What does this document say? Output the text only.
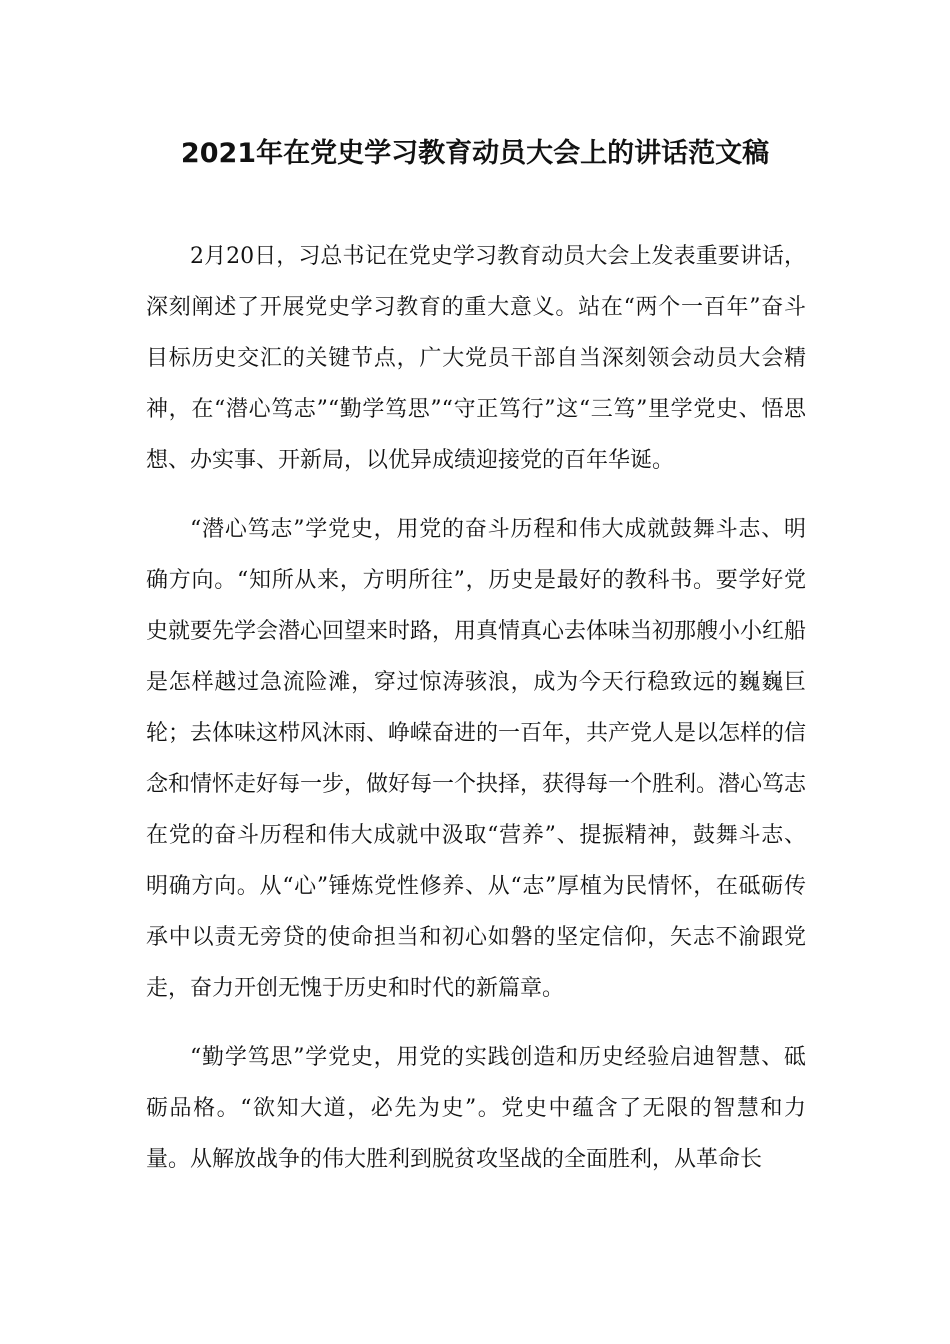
2021年在党史学习教育动员大会上的讲话范文稿

2月20日，习总书记在党史学习教育动员大会上发表重要讲话，深刻阐述了开展党史学习教育的重大意义。站在“两个一百年”奋斗目标历史交汇的关键节点，广大党员干部自当深刻领会动员大会精神，在“潜心笃志”“勤学笃思”“守正笃行”这“三笃”里学党史、悟思想、办实事、开新局，以优异成绩迎接党的百年华诞。

“潜心笃志”学党史，用党的奋斗历程和伟大成就鼓舞斗志、明确方向。“知所从来，方明所往”，历史是最好的教科书。要学好党史就要先学会潜心回望来时路，用真情真心去体味当初那艘小小红船是怎样越过急流险滩，穿过惊涛骇浪，成为今天行稳致远的巍巍巨轮；去体味这栉风沐雨、峥嵘奋进的一百年，共产党人是以怎样的信念和情怀走好每一步，做好每一个抉择，获得每一个胜利。潜心笃志在党的奋斗历程和伟大成就中汲取“营养”、提振精神，鼓舞斗志、明确方向。从“心”锤炼党性修养、从“志”厚植为民情怀，在砥砺传承中以责无旁贷的使命担当和初心如磐的坚定信仰，矢志不渝跟党走，奋力开创无愧于历史和时代的新篇章。

“勤学笃思”学党史，用党的实践创造和历史经验启迪智慧、砥砺品格。“欲知大道，必先为史”。党史中蕴含了无限的智慧和力量。从解放战争的伟大胜利到脱贫攻坚战的全面胜利，从革命长
